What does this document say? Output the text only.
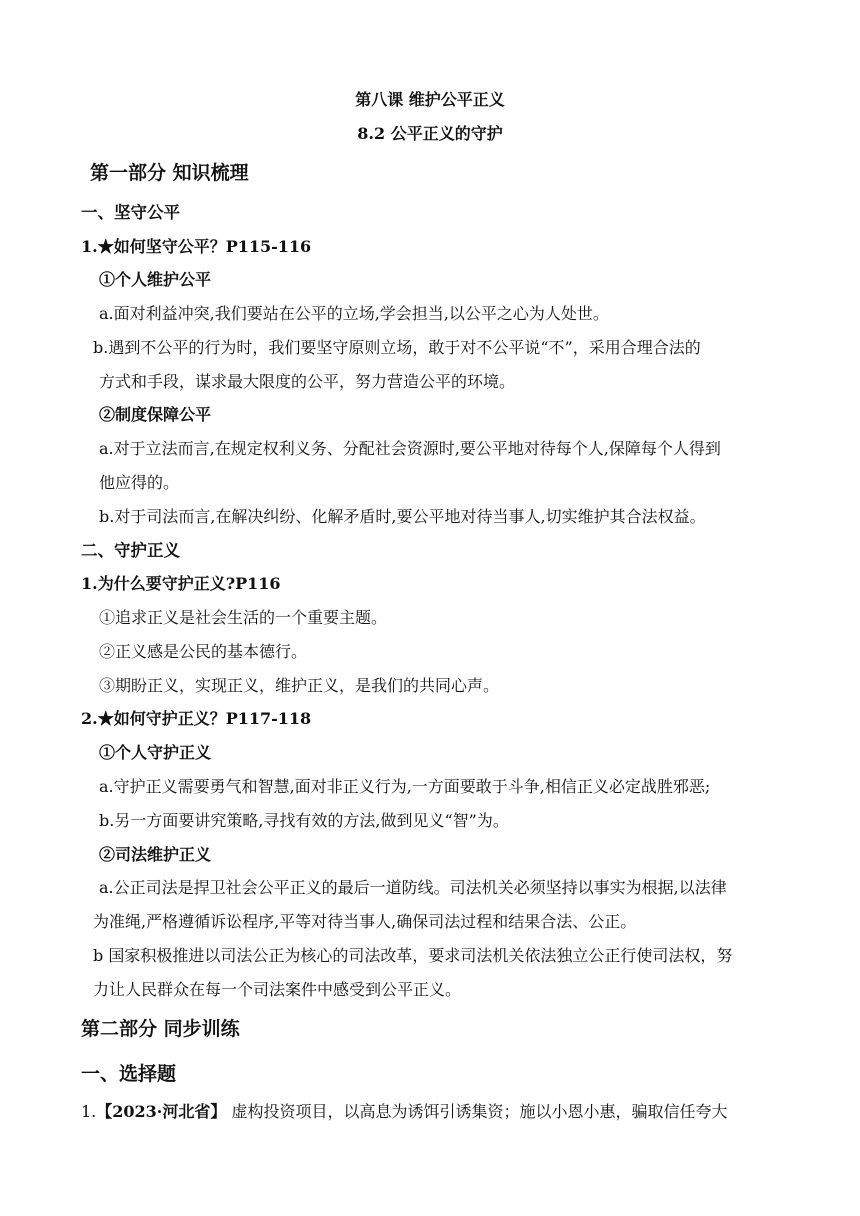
第八课 维护公平正义
8.2 公平正义的守护
第一部分 知识梳理
一、坚守公平
1.★如何坚守公平？P115-116
①个人维护公平
a.面对利益冲突,我们要站在公平的立场,学会担当,以公平之心为人处世。
b.遇到不公平的行为时，我们要坚守原则立场，敢于对不公平说“不”，采用合理合法的
方式和手段，谋求最大限度的公平，努力营造公平的环境。
②制度保障公平
a.对于立法而言,在规定权利义务、分配社会资源时,要公平地对待每个人,保障每个人得到
他应得的。
b.对于司法而言,在解决纠纷、化解矛盾时,要公平地对待当事人,切实维护其合法权益。
二、守护正义
1.为什么要守护正义?P116
①追求正义是社会生活的一个重要主题。
②正义感是公民的基本德行。
③期盼正义，实现正义，维护正义，是我们的共同心声。
2.★如何守护正义？P117-118
①个人守护正义
a.守护正义需要勇气和智慧,面对非正义行为,一方面要敢于斗争,相信正义必定战胜邪恶;
b.另一方面要讲究策略,寻找有效的方法,做到见义“智”为。
②司法维护正义
a.公正司法是捍卫社会公平正义的最后一道防线。司法机关必须坚持以事实为根据,以法律
为准绳,严格遵循诉讼程序,平等对待当事人,确保司法过程和结果合法、公正。
b 国家积极推进以司法公正为核心的司法改革，要求司法机关依法独立公正行使司法权，努
力让人民群众在每一个司法案件中感受到公平正义。
第二部分 同步训练
一、选择题
1.【2023·河北省】 虚构投资项目，以高息为诱饵引诱集资；施以小恩小惠，骗取信任夸大
